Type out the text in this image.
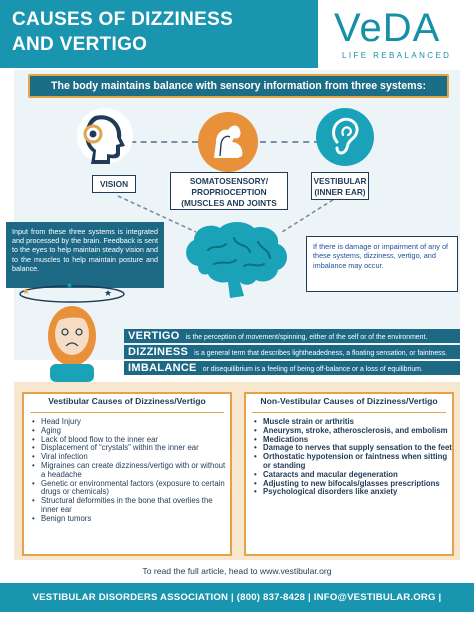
CAUSES OF DIZZINESS
AND VERTIGO	VeDA
LIFE REBALANCED
The body maintains balance with sensory information from three systems:
VISION	SOMATOSENSORY/
PROPRIOCEPTION
(MUSCLES AND JOINTS
VESTIBULAR
(INNER EAR)
Input from these three systems is integrated and processed by the brain. Feedback is sent to the eyes to help maintain steady vision and to the muscles to help maintain posture and balance.
If there is damage or impairment of any of these systems, dizziness, vertigo, and imbalance may occur.
★	★
★
VERTIGO is the perception of movement/spinning, either of the self or of the environment.
DIZZINESS is a general term that describes lightheadedness, a floating sensation, or faintness.
IMBALANCE or disequilibrium is a feeling of being off-balance or a loss of equilibrium.
• Head Injury
• Aging
• Lack of blood flow to the inner ear
• Displacement of “crystals” within the inner ear
• Viral infection
• Migraines can create dizziness/vertigo with or without a headache
• Genetic or environmental factors (exposure to certain drugs or chemicals)
• Structural deformities in the bone that overlies the inner ear
• Benign tumors
Vestibular Causes of Dizziness/Vertigo
• Muscle strain or arthritis
• Aneurysm, stroke, atherosclerosis, and embolism
• Medications
• Damage to nerves that supply sensation to the feet
• Orthostatic hypotension or faintness when sitting or standing
• Cataracts and macular degeneration
• Adjusting to new bifocals/glasses prescriptions
• Psychological disorders like anxiety
Non-Vestibular Causes of Dizziness/Vertigo
To read the full article, head to www.vestibular.org
VESTIBULAR DISORDERS ASSOCIATION | (800) 837-8428 | INFO@VESTIBULAR.ORG | VESTIBULAR.ORG
